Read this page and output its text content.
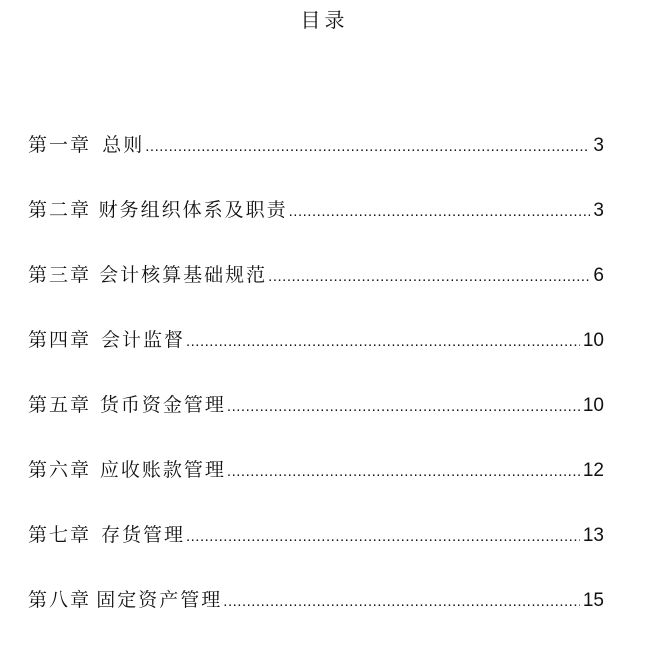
目录
第一章 总则 .....	3
第二章 财务组织体系及职责 .....	3
第三章 会计核算基础规范 .....	6
第四章 会计监督 .....	10
第五章 货币资金管理 .....	10
第六章 应收账款管理 .....	12
第七章 存货管理 .....	13
第八章 固定资产管理 .....	15
